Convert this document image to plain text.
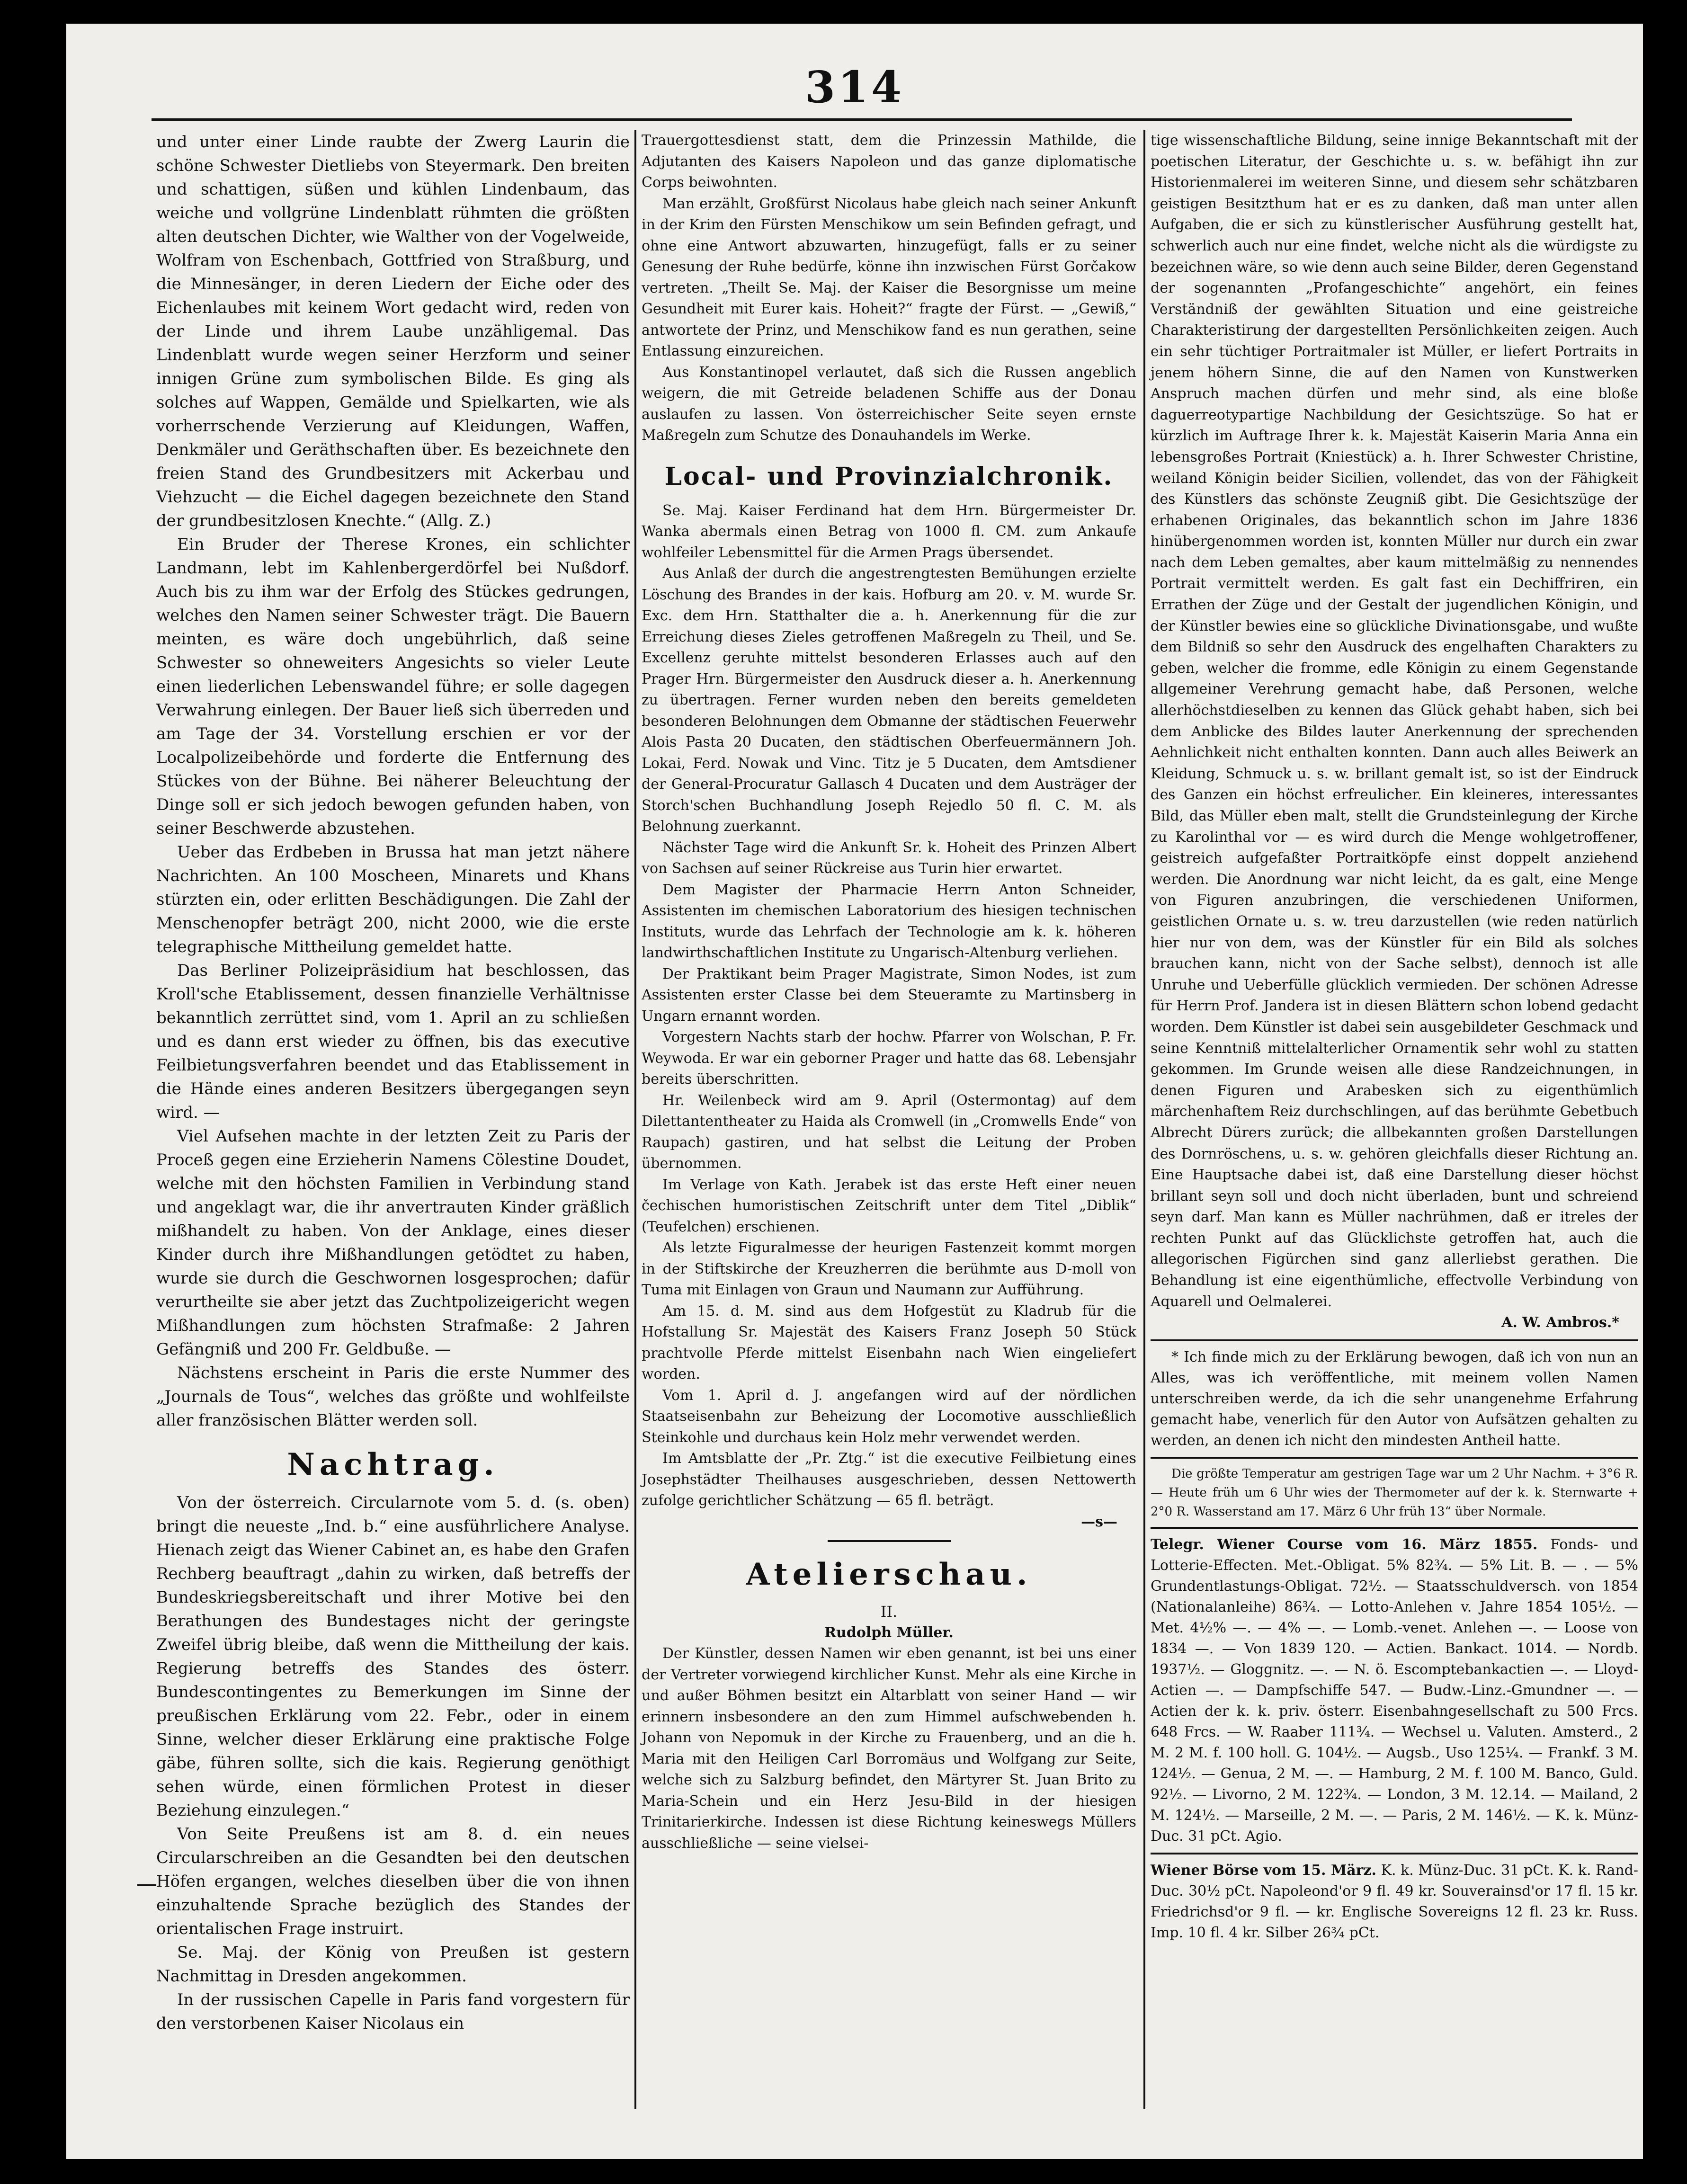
314

und unter einer Linde raubte der Zwerg Laurin die schöne Schwester Dietliebs von Steyermark. Den breiten und schattigen, süßen und kühlen Lindenbaum, das weiche und vollgrüne Lindenblatt rühmten die größten alten deutschen Dichter, wie Walther von der Vogelweide, Wolfram von Eschenbach, Gottfried von Straßburg, und die Minnesänger, in deren Liedern der Eiche oder des Eichenlaubes mit keinem Wort gedacht wird, reden von der Linde und ihrem Laube unzähligemal. Das Lindenblatt wurde wegen seiner Herzform und seiner innigen Grüne zum symbolischen Bilde. Es ging als solches auf Wappen, Gemälde und Spielkarten, wie als vorherrschende Verzierung auf Kleidungen, Waffen, Denkmäler und Geräthschaften über. Es bezeichnete den freien Stand des Grundbesitzers mit Ackerbau und Viehzucht — die Eichel dagegen bezeichnete den Stand der grundbesitzlosen Knechte.“ (Allg. Z.)

Ein Bruder der Therese Krones, ein schlichter Landmann, lebt im Kahlenbergerdörfel bei Nußdorf. Auch bis zu ihm war der Erfolg des Stückes gedrungen, welches den Namen seiner Schwester trägt. Die Bauern meinten, es wäre doch ungebührlich, daß seine Schwester so ohneweiters Angesichts so vieler Leute einen liederlichen Lebenswandel führe; er solle dagegen Verwahrung einlegen. Der Bauer ließ sich überreden und am Tage der 34. Vorstellung erschien er vor der Localpolizeibehörde und forderte die Entfernung des Stückes von der Bühne. Bei näherer Beleuchtung der Dinge soll er sich jedoch bewogen gefunden haben, von seiner Beschwerde abzustehen.

Ueber das Erdbeben in Brussa hat man jetzt nähere Nachrichten. An 100 Moscheen, Minarets und Khans stürzten ein, oder erlitten Beschädigungen. Die Zahl der Menschenopfer beträgt 200, nicht 2000, wie die erste telegraphische Mittheilung gemeldet hatte.

Das Berliner Polizeipräsidium hat beschlossen, das Kroll'sche Etablissement, dessen finanzielle Verhältnisse bekanntlich zerrüttet sind, vom 1. April an zu schließen und es dann erst wieder zu öffnen, bis das executive Feilbietungsverfahren beendet und das Etablissement in die Hände eines anderen Besitzers übergegangen seyn wird. —

Viel Aufsehen machte in der letzten Zeit zu Paris der Proceß gegen eine Erzieherin Namens Cölestine Doudet, welche mit den höchsten Familien in Verbindung stand und angeklagt war, die ihr anvertrauten Kinder gräßlich mißhandelt zu haben. Von der Anklage, eines dieser Kinder durch ihre Mißhandlungen getödtet zu haben, wurde sie durch die Geschwornen losgesprochen; dafür verurtheilte sie aber jetzt das Zuchtpolizeigericht wegen Mißhandlungen zum höchsten Strafmaße: 2 Jahren Gefängniß und 200 Fr. Geldbuße. —

Nächstens erscheint in Paris die erste Nummer des „Journals de Tous“, welches das größte und wohlfeilste aller französischen Blätter werden soll.

Nachtrag.

Von der österreich. Circularnote vom 5. d. (s. oben) bringt die neueste „Ind. b.“ eine ausführlichere Analyse. Hienach zeigt das Wiener Cabinet an, es habe den Grafen Rechberg beauftragt „dahin zu wirken, daß betreffs der Bundeskriegsbereitschaft und ihrer Motive bei den Berathungen des Bundestages nicht der geringste Zweifel übrig bleibe, daß wenn die Mittheilung der kais. Regierung betreffs des Standes des österr. Bundescontingentes zu Bemerkungen im Sinne der preußischen Erklärung vom 22. Febr., oder in einem Sinne, welcher dieser Erklärung eine praktische Folge gäbe, führen sollte, sich die kais. Regierung genöthigt sehen würde, einen förmlichen Protest in dieser Beziehung einzulegen.“

Von Seite Preußens ist am 8. d. ein neues Circularschreiben an die Gesandten bei den deutschen Höfen ergangen, welches dieselben über die von ihnen einzuhaltende Sprache bezüglich des Standes der orientalischen Frage instruirt.

Se. Maj. der König von Preußen ist gestern Nachmittag in Dresden angekommen.

In der russischen Capelle in Paris fand vorgestern für den verstorbenen Kaiser Nicolaus ein

Trauergottesdienst statt, dem die Prinzessin Mathilde, die Adjutanten des Kaisers Napoleon und das ganze diplomatische Corps beiwohnten.

Man erzählt, Großfürst Nicolaus habe gleich nach seiner Ankunft in der Krim den Fürsten Menschikow um sein Befinden gefragt, und ohne eine Antwort abzuwarten, hinzugefügt, falls er zu seiner Genesung der Ruhe bedürfe, könne ihn inzwischen Fürst Gorčakow vertreten. „Theilt Se. Maj. der Kaiser die Besorgnisse um meine Gesundheit mit Eurer kais. Hoheit?“ fragte der Fürst. — „Gewiß,“ antwortete der Prinz, und Menschikow fand es nun gerathen, seine Entlassung einzureichen.

Aus Konstantinopel verlautet, daß sich die Russen angeblich weigern, die mit Getreide beladenen Schiffe aus der Donau auslaufen zu lassen. Von österreichischer Seite seyen ernste Maßregeln zum Schutze des Donauhandels im Werke.

Local- und Provinzialchronik.

Se. Maj. Kaiser Ferdinand hat dem Hrn. Bürgermeister Dr. Wanka abermals einen Betrag von 1000 fl. CM. zum Ankaufe wohlfeiler Lebensmittel für die Armen Prags übersendet.

Aus Anlaß der durch die angestrengtesten Bemühungen erzielte Löschung des Brandes in der kais. Hofburg am 20. v. M. wurde Sr. Exc. dem Hrn. Statthalter die a. h. Anerkennung für die zur Erreichung dieses Zieles getroffenen Maßregeln zu Theil, und Se. Excellenz geruhte mittelst besonderen Erlasses auch auf den Prager Hrn. Bürgermeister den Ausdruck dieser a. h. Anerkennung zu übertragen. Ferner wurden neben den bereits gemeldeten besonderen Belohnungen dem Obmanne der städtischen Feuerwehr Alois Pasta 20 Ducaten, den städtischen Oberfeuermännern Joh. Lokai, Ferd. Nowak und Vinc. Titz je 5 Ducaten, dem Amtsdiener der General-Procuratur Gallasch 4 Ducaten und dem Austräger der Storch'schen Buchhandlung Joseph Rejedlo 50 fl. C. M. als Belohnung zuerkannt.

Nächster Tage wird die Ankunft Sr. k. Hoheit des Prinzen Albert von Sachsen auf seiner Rückreise aus Turin hier erwartet.

Dem Magister der Pharmacie Herrn Anton Schneider, Assistenten im chemischen Laboratorium des hiesigen technischen Instituts, wurde das Lehrfach der Technologie am k. k. höheren landwirthschaftlichen Institute zu Ungarisch-Altenburg verliehen.

Der Praktikant beim Prager Magistrate, Simon Nodes, ist zum Assistenten erster Classe bei dem Steueramte zu Martinsberg in Ungarn ernannt worden.

Vorgestern Nachts starb der hochw. Pfarrer von Wolschan, P. Fr. Weywoda. Er war ein geborner Prager und hatte das 68. Lebensjahr bereits überschritten.

Hr. Weilenbeck wird am 9. April (Ostermontag) auf dem Dilettantentheater zu Haida als Cromwell (in „Cromwells Ende“ von Raupach) gastiren, und hat selbst die Leitung der Proben übernommen.

Im Verlage von Kath. Jerabek ist das erste Heft einer neuen čechischen humoristischen Zeitschrift unter dem Titel „Diblik“ (Teufelchen) erschienen.

Als letzte Figuralmesse der heurigen Fastenzeit kommt morgen in der Stiftskirche der Kreuzherren die berühmte aus D-moll von Tuma mit Einlagen von Graun und Naumann zur Aufführung.

Am 15. d. M. sind aus dem Hofgestüt zu Kladrub für die Hofstallung Sr. Majestät des Kaisers Franz Joseph 50 Stück prachtvolle Pferde mittelst Eisenbahn nach Wien eingeliefert worden.

Vom 1. April d. J. angefangen wird auf der nördlichen Staatseisenbahn zur Beheizung der Locomotive ausschließlich Steinkohle und durchaus kein Holz mehr verwendet werden.

Im Amtsblatte der „Pr. Ztg.“ ist die executive Feilbietung eines Josephstädter Theilhauses ausgeschrieben, dessen Nettowerth zufolge gerichtlicher Schätzung — 65 fl. beträgt.

—s—
Atelierschau.
II.
Rudolph Müller.

Der Künstler, dessen Namen wir eben genannt, ist bei uns einer der Vertreter vorwiegend kirchlicher Kunst. Mehr als eine Kirche in und außer Böhmen besitzt ein Altarblatt von seiner Hand — wir erinnern insbesondere an den zum Himmel aufschwebenden h. Johann von Nepomuk in der Kirche zu Frauenberg, und an die h. Maria mit den Heiligen Carl Borromäus und Wolfgang zur Seite, welche sich zu Salzburg befindet, den Märtyrer St. Juan Brito zu Maria-Schein und ein Herz Jesu-Bild in der hiesigen Trinitarierkirche. Indessen ist diese Richtung keineswegs Müllers ausschließliche — seine vielsei-

tige wissenschaftliche Bildung, seine innige Bekanntschaft mit der poetischen Literatur, der Geschichte u. s. w. befähigt ihn zur Historienmalerei im weiteren Sinne, und diesem sehr schätzbaren geistigen Besitzthum hat er es zu danken, daß man unter allen Aufgaben, die er sich zu künstlerischer Ausführung gestellt hat, schwerlich auch nur eine findet, welche nicht als die würdigste zu bezeichnen wäre, so wie denn auch seine Bilder, deren Gegenstand der sogenannten „Profangeschichte“ angehört, ein feines Verständniß der gewählten Situation und eine geistreiche Charakteristirung der dargestellten Persönlichkeiten zeigen. Auch ein sehr tüchtiger Portraitmaler ist Müller, er liefert Portraits in jenem höhern Sinne, die auf den Namen von Kunstwerken Anspruch machen dürfen und mehr sind, als eine bloße daguerreotypartige Nachbildung der Gesichtszüge. So hat er kürzlich im Auftrage Ihrer k. k. Majestät Kaiserin Maria Anna ein lebensgroßes Portrait (Kniestück) a. h. Ihrer Schwester Christine, weiland Königin beider Sicilien, vollendet, das von der Fähigkeit des Künstlers das schönste Zeugniß gibt. Die Gesichtszüge der erhabenen Originales, das bekanntlich schon im Jahre 1836 hinübergenommen worden ist, konnten Müller nur durch ein zwar nach dem Leben gemaltes, aber kaum mittelmäßig zu nennendes Portrait vermittelt werden. Es galt fast ein Dechiffriren, ein Errathen der Züge und der Gestalt der jugendlichen Königin, und der Künstler bewies eine so glückliche Divinationsgabe, und wußte dem Bildniß so sehr den Ausdruck des engelhaften Charakters zu geben, welcher die fromme, edle Königin zu einem Gegenstande allgemeiner Verehrung gemacht habe, daß Personen, welche allerhöchstdieselben zu kennen das Glück gehabt haben, sich bei dem Anblicke des Bildes lauter Anerkennung der sprechenden Aehnlichkeit nicht enthalten konnten. Dann auch alles Beiwerk an Kleidung, Schmuck u. s. w. brillant gemalt ist, so ist der Eindruck des Ganzen ein höchst erfreulicher. Ein kleineres, interessantes Bild, das Müller eben malt, stellt die Grundsteinlegung der Kirche zu Karolinthal vor — es wird durch die Menge wohlgetroffener, geistreich aufgefaßter Portraitköpfe einst doppelt anziehend werden. Die Anordnung war nicht leicht, da es galt, eine Menge von Figuren anzubringen, die verschiedenen Uniformen, geistlichen Ornate u. s. w. treu darzustellen (wie reden natürlich hier nur von dem, was der Künstler für ein Bild als solches brauchen kann, nicht von der Sache selbst), dennoch ist alle Unruhe und Ueberfülle glücklich vermieden. Der schönen Adresse für Herrn Prof. Jandera ist in diesen Blättern schon lobend gedacht worden. Dem Künstler ist dabei sein ausgebildeter Geschmack und seine Kenntniß mittelalterlicher Ornamentik sehr wohl zu statten gekommen. Im Grunde weisen alle diese Randzeichnungen, in denen Figuren und Arabesken sich zu eigenthümlich märchenhaftem Reiz durchschlingen, auf das berühmte Gebetbuch Albrecht Dürers zurück; die allbekannten großen Darstellungen des Dornröschens, u. s. w. gehören gleichfalls dieser Richtung an. Eine Hauptsache dabei ist, daß eine Darstellung dieser höchst brillant seyn soll und doch nicht überladen, bunt und schreiend seyn darf. Man kann es Müller nachrühmen, daß er itreles der rechten Punkt auf das Glücklichste getroffen hat, auch die allegorischen Figürchen sind ganz allerliebst gerathen. Die Behandlung ist eine eigenthümliche, effectvolle Verbindung von Aquarell und Oelmalerei.

A. W. Ambros.*

* Ich finde mich zu der Erklärung bewogen, daß ich von nun an Alles, was ich veröffentliche, mit meinem vollen Namen unterschreiben werde, da ich die sehr unangenehme Erfahrung gemacht habe, venerlich für den Autor von Aufsätzen gehalten zu werden, an denen ich nicht den mindesten Antheil hatte.

Die größte Temperatur am gestrigen Tage war um 2 Uhr Nachm. + 3°6 R. — Heute früh um 6 Uhr wies der Thermometer auf der k. k. Sternwarte + 2°0 R. Wasserstand am 17. März 6 Uhr früh 13“ über Normale.

Telegr. Wiener Course vom 16. März 1855. Fonds- und Lotterie-Effecten. Met.-Obligat. 5% 82¾. — 5% Lit. B. — . — 5% Grundentlastungs-Obligat. 72½. — Staatsschuldversch. von 1854 (Nationalanleihe) 86¾. — Lotto-Anlehen v. Jahre 1854 105½. — Met. 4½% —. — 4% —. — Lomb.-venet. Anlehen —. — Loose von 1834 —. — Von 1839 120. — Actien. Bankact. 1014. — Nordb. 1937½. — Gloggnitz. —. — N. ö. Escomptebankactien —. — Lloyd-Actien —. — Dampfschiffe 547. — Budw.-Linz.-Gmundner —. — Actien der k. k. priv. österr. Eisenbahngesellschaft zu 500 Frcs. 648 Frcs. — W. Raaber 111¾. — Wechsel u. Valuten. Amsterd., 2 M. 2 M. f. 100 holl. G. 104½. — Augsb., Uso 125¼. — Frankf. 3 M. 124½. — Genua, 2 M. —. — Hamburg, 2 M. f. 100 M. Banco, Guld. 92½. — Livorno, 2 M. 122¾. — London, 3 M. 12.14. — Mailand, 2 M. 124½. — Marseille, 2 M. —. — Paris, 2 M. 146½. — K. k. Münz-Duc. 31 pCt. Agio.
Wiener Börse vom 15. März. K. k. Münz-Duc. 31 pCt. K. k. Rand-Duc. 30½ pCt. Napoleond'or 9 fl. 49 kr. Souverainsd'or 17 fl. 15 kr. Friedrichsd'or 9 fl. — kr. Englische Sovereigns 12 fl. 23 kr. Russ. Imp. 10 fl. 4 kr. Silber 26¾ pCt.
